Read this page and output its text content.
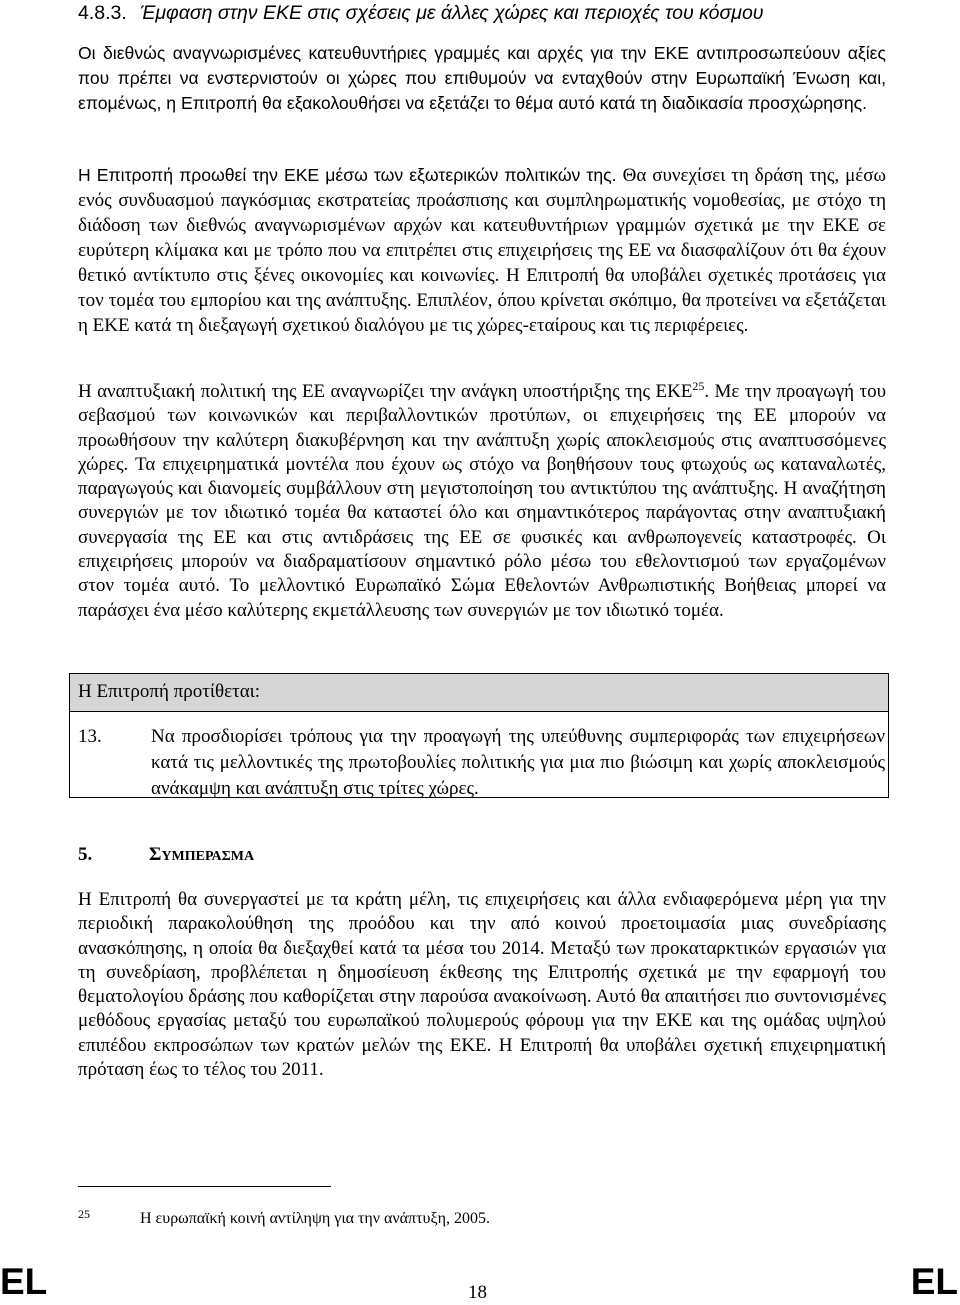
4.8.3. Έμφαση στην ΕΚΕ στις σχέσεις με άλλες χώρες και περιοχές του κόσμου

Οι διεθνώς αναγνωρισμένες κατευθυντήριες γραμμές και αρχές για την ΕΚΕ αντιπροσωπεύουν αξίες που πρέπει να ενστερνιστούν οι χώρες που επιθυμούν να ενταχθούν στην Ευρωπαϊκή Ένωση και, επομένως, η Επιτροπή θα εξακολουθήσει να εξετάζει το θέμα αυτό κατά τη διαδικασία προσχώρησης.

Η Επιτροπή προωθεί την ΕΚΕ μέσω των εξωτερικών πολιτικών της. Θα συνεχίσει τη δράση της, μέσω ενός συνδυασμού παγκόσμιας εκστρατείας προάσπισης και συμπληρωματικής νομοθεσίας, με στόχο τη διάδοση των διεθνώς αναγνωρισμένων αρχών και κατευθυντήριων γραμμών σχετικά με την ΕΚΕ σε ευρύτερη κλίμακα και με τρόπο που να επιτρέπει στις επιχειρήσεις της ΕΕ να διασφαλίζουν ότι θα έχουν θετικό αντίκτυπο στις ξένες οικονομίες και κοινωνίες. Η Επιτροπή θα υποβάλει σχετικές προτάσεις για τον τομέα του εμπορίου και της ανάπτυξης. Επιπλέον, όπου κρίνεται σκόπιμο, θα προτείνει να εξετάζεται η ΕΚΕ κατά τη διεξαγωγή σχετικού διαλόγου με τις χώρες-εταίρους και τις περιφέρειες.

Η αναπτυξιακή πολιτική της ΕΕ αναγνωρίζει την ανάγκη υποστήριξης της ΕΚΕ$^{25}$. Με την προαγωγή του σεβασμού των κοινωνικών και περιβαλλοντικών προτύπων, οι επιχειρήσεις της ΕΕ μπορούν να προωθήσουν την καλύτερη διακυβέρνηση και την ανάπτυξη χωρίς αποκλεισμούς στις αναπτυσσόμενες χώρες. Τα επιχειρηματικά μοντέλα που έχουν ως στόχο να βοηθήσουν τους φτωχούς ως καταναλωτές, παραγωγούς και διανομείς συμβάλλουν στη μεγιστοποίηση του αντικτύπου της ανάπτυξης. Η αναζήτηση συνεργιών με τον ιδιωτικό τομέα θα καταστεί όλο και σημαντικότερος παράγοντας στην αναπτυξιακή συνεργασία της ΕΕ και στις αντιδράσεις της ΕΕ σε φυσικές και ανθρωπογενείς καταστροφές. Οι επιχειρήσεις μπορούν να διαδραματίσουν σημαντικό ρόλο μέσω του εθελοντισμού των εργαζομένων στον τομέα αυτό. Το μελλοντικό Ευρωπαϊκό Σώμα Εθελοντών Ανθρωπιστικής Βοήθειας μπορεί να παράσχει ένα μέσο καλύτερης εκμετάλλευσης των συνεργιών με τον ιδιωτικό τομέα.

Η Επιτροπή προτίθεται:
13.	Να προσδιορίσει τρόπους για την προαγωγή της υπεύθυνης συμπεριφοράς των επιχειρήσεων κατά τις μελλοντικές της πρωτοβουλίες πολιτικής για μια πιο βιώσιμη και χωρίς αποκλεισμούς ανάκαμψη και ανάπτυξη στις τρίτες χώρες.

5.	ΣΥΜΠΕΡΑΣΜΑ

Η Επιτροπή θα συνεργαστεί με τα κράτη μέλη, τις επιχειρήσεις και άλλα ενδιαφερόμενα μέρη για την περιοδική παρακολούθηση της προόδου και την από κοινού προετοιμασία μιας συνεδρίασης ανασκόπησης, η οποία θα διεξαχθεί κατά τα μέσα του 2014. Μεταξύ των προκαταρκτικών εργασιών για τη συνεδρίαση, προβλέπεται η δημοσίευση έκθεσης της Επιτροπής σχετικά με την εφαρμογή του θεματολογίου δράσης που καθορίζεται στην παρούσα ανακοίνωση. Αυτό θα απαιτήσει πιο συντονισμένες μεθόδους εργασίας μεταξύ του ευρωπαϊκού πολυμερούς φόρουμ για την ΕΚΕ και της ομάδας υψηλού επιπέδου εκπροσώπων των κρατών μελών της ΕΚΕ. Η Επιτροπή θα υποβάλει σχετική επιχειρηματική πρόταση έως το τέλος του 2011.

25	Η ευρωπαϊκή κοινή αντίληψη για την ανάπτυξη, 2005.
EL	18	EL
